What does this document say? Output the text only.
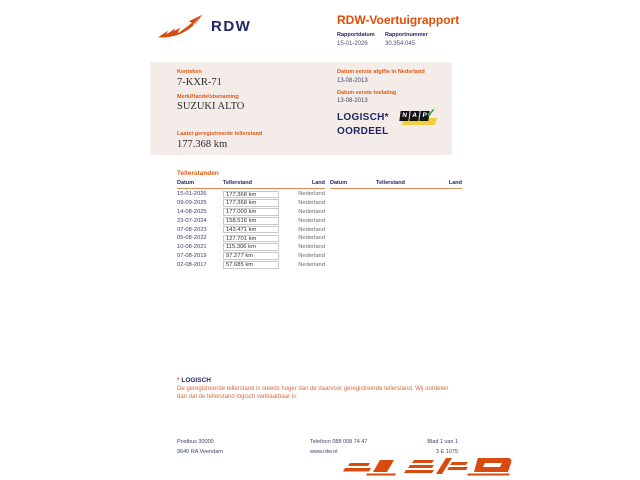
RDW	RDW-Voertuigrapport
Rapportdatum
15-01-2026
Rapportnummer
30.354.045
Kenteken
7-KXR-71
Merk/Handelsbenaming
SUZUKI ALTO
Laatst geregistreerde tellerstand
177.368 km
Datum eerste afgifte in Nederland
13-08-2013
Datum eerste toelating
13-08-2013
LOGISCH*
OORDEEL
N A P
✓
Tellerstanden
Datum	Tellerstand	Land
15-01-2026	177.368 km	Nederland
09-09-2025	177.368 km	Nederland
14-08-2025	177.009 km	Nederland
23-07-2024	158.516 km	Nederland
07-08-2023	143.471 km	Nederland
05-08-2022	127.701 km	Nederland
10-08-2021	115.306 km	Nederland
07-08-2019	97.277 km	Nederland
02-08-2017	57.685 km	Nederland
Datum	Tellerstand	Land
* LOGISCH
De geregistreerde tellerstand is steeds hoger dan de daarvoor geregistreerde tellerstand. Wij oordelen dan dat de tellerstand logisch verklaarbaar is.
Postbus 30000
9640 RA Veendam
Telefoon 088 008 74 47
www.rdw.nl
Blad 1 van 1
3 E 1075
